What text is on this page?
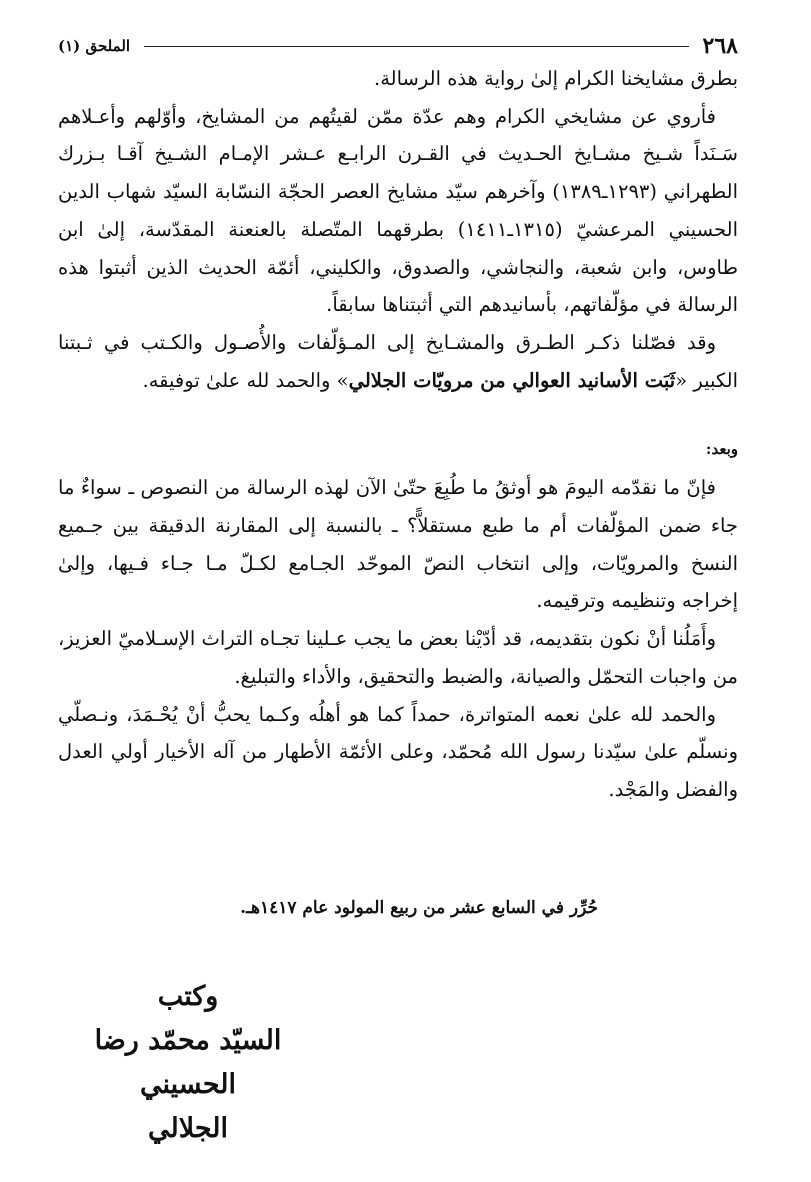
٢٦٨
الملحق (١)

بطرق مشايخنا الكرام إلىٰ رواية هذه الرسالة.

فأروي عن مشايخي الكرام وهم عدّة ممّن لقيتُهم من المشايخ، وأوّلهم وأعـلاهم سَـنَداً شـيخ مشـايخ الحـديث في القـرن الرابـع عـشر الإمـام الشـيخ آقـا بـزرك الطهراني (١٢٩٣ـ١٣٨٩) وآخرهم سيّد مشايخ العصر الحجّة النسّابة السيّد شهاب الدين الحسيني المرعشيّ (١٣١٥ـ١٤١١) بطرقهما المتّصلة بالعنعنة المقدّسة، إلىٰ ابن طاوس، وابن شعبة، والنجاشي، والصدوق، والكليني، أئمّة الحديث الذين أثبتوا هذه الرسالة في مؤلّفاتهم، بأسانيدهم التي أثبتناها سابقاً.

وقد فصّلنا ذكـر الطـرق والمشـايخ إلى المـؤلّفات والأُصـول والكـتب في ثـبتنا الكبير «ثَبَت الأسانيد العوالي من مرويّات الجلالي» والحمد لله علىٰ توفيقه.

وبعد:

فإنّ ما نقدّمه اليومَ هو أوثقُ ما طُبِعَ حتّىٰ الآن لهذه الرسالة من النصوص ـ سواءٌ ما جاء ضمن المؤلّفات أم ما طبع مستقلاًّ؟ ـ بالنسبة إلى المقارنة الدقيقة بين جـميع النسخ والمرويّات، وإلى انتخاب النصّ الموحّد الجـامع لكـلّ مـا جـاء فـيها، وإلىٰ إخراجه وتنظيمه وترقيمه.

وأَمَلُنا أنْ نكون بتقديمه، قد أدّيْنا بعض ما يجب عـلينا تجـاه التراث الإسـلاميّ العزيز، من واجبات التحمّل والصيانة، والضبط والتحقيق، والأداء والتبليغ.

والحمد لله علىٰ نعمه المتواترة، حمداً كما هو أهلُه وكـما يحبُّ أنْ يُحْـمَدَ، ونـصلّي ونسلّم علىٰ سيّدنا رسول الله مُحمّد، وعلى الأئمّة الأطهار من آله الأخيار أولي العدل والفضل والمَجْد.

حُرِّر في السابع عشر من ربيع المولود عام ١٤١٧هـ.
وكتب
السيّد محمّد رضا الحسيني
الجلالي
